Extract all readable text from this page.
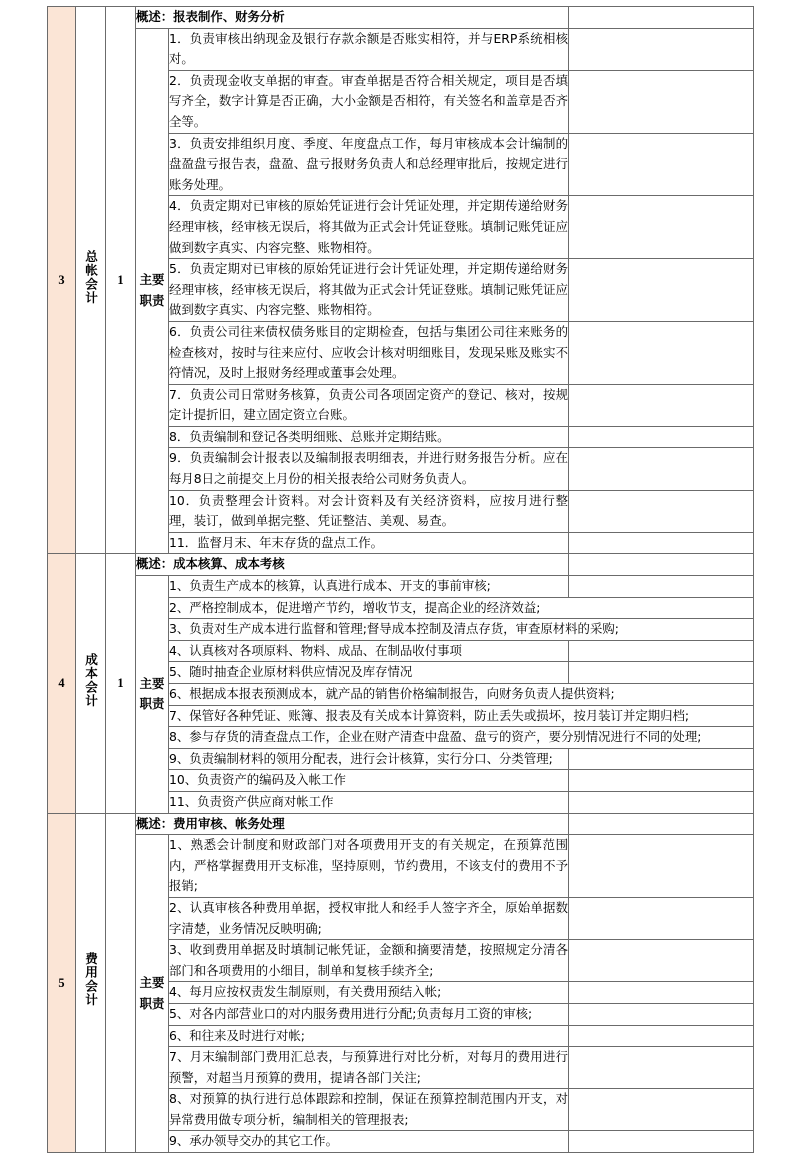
3	总帐会计	1	概述：报表制作、财务分析		

			主要
职责	1．负责审核出纳现金及银行存款余额是否账实相符，并与ERP系统相核对。	
				2．负责现金收支单据的审查。审查单据是否符合相关规定，项目是否填写齐全，数字计算是否正确，大小金额是否相符，有关签名和盖章是否齐全等。	
				3．负责安排组织月度、季度、年度盘点工作，每月审核成本会计编制的盘盈盘亏报告表，盘盈、盘亏报财务负责人和总经理审批后，按规定进行账务处理。	
				4．负责定期对已审核的原始凭证进行会计凭证处理，并定期传递给财务经理审核，经审核无误后，将其做为正式会计凭证登账。填制记账凭证应做到数字真实、内容完整、账物相符。	
				5．负责定期对已审核的原始凭证进行会计凭证处理，并定期传递给财务经理审核，经审核无误后，将其做为正式会计凭证登账。填制记账凭证应做到数字真实、内容完整、账物相符。	
				6．负责公司往来债权债务账目的定期检查，包括与集团公司往来账务的检查核对，按时与往来应付、应收会计核对明细账目，发现呆账及账实不符情况，及时上报财务经理或董事会处理。	
				7．负责公司日常财务核算，负责公司各项固定资产的登记、核对，按规定计提折旧，建立固定资立台账。	
				8．负责编制和登记各类明细账、总账并定期结账。	
				9．负责编制会计报表以及编制报表明细表，并进行财务报告分析。应在每月8日之前提交上月份的相关报表给公司财务负责人。	
				10．负责整理会计资料。对会计资料及有关经济资料，应按月进行整理，装订，做到单据完整、凭证整洁、美观、易查。	
				11．监督月末、年末存货的盘点工作。	
4	成本会计	1	概述：成本核算、成本考核		

			主要
职责	1、负责生产成本的核算，认真进行成本、开支的事前审核;	
				2、严格控制成本，促进增产节约，增收节支，提高企业的经济效益;	
				3、负责对生产成本进行监督和管理;督导成本控制及清点存货，审查原材料的采购;	
				4、认真核对各项原料、物料、成品、在制品收付事项	
				5、随时抽查企业原材料供应情况及库存情况	
				6、根据成本报表预测成本，就产品的销售价格编制报告，向财务负责人提供资料;	
				7、保管好各种凭证、账簿、报表及有关成本计算资料，防止丢失或损坏，按月装订并定期归档;	
				8、参与存货的清查盘点工作，企业在财产清查中盘盈、盘亏的资产，要分别情况进行不同的处理;	
				9、负责编制材料的领用分配表，进行会计核算，实行分口、分类管理;	
				10、负责资产的编码及入帐工作	
				11、负责资产供应商对帐工作	
5	费用会计		概述：费用审核、帐务处理		

			主要
职责	1、熟悉会计制度和财政部门对各项费用开支的有关规定，在预算范围内，严格掌握费用开支标准，坚持原则，节约费用，不该支付的费用不予报销;	
				2、认真审核各种费用单据，授权审批人和经手人签字齐全，原始单据数字清楚，业务情况反映明确;	
				3、收到费用单据及时填制记帐凭证，金额和摘要清楚，按照规定分清各部门和各项费用的小细目，制单和复核手续齐全;	
				4、每月应按权责发生制原则，有关费用预结入帐;	
				5、对各内部营业口的对内服务费用进行分配;负责每月工资的审核;	
				6、和往来及时进行对帐;	
				7、月末编制部门费用汇总表，与预算进行对比分析，对每月的费用进行预警，对超当月预算的费用，提请各部门关注;	
				8、对预算的执行进行总体跟踪和控制，保证在预算控制范围内开支，对异常费用做专项分析，编制相关的管理报表;	
				9、承办领导交办的其它工作。	
